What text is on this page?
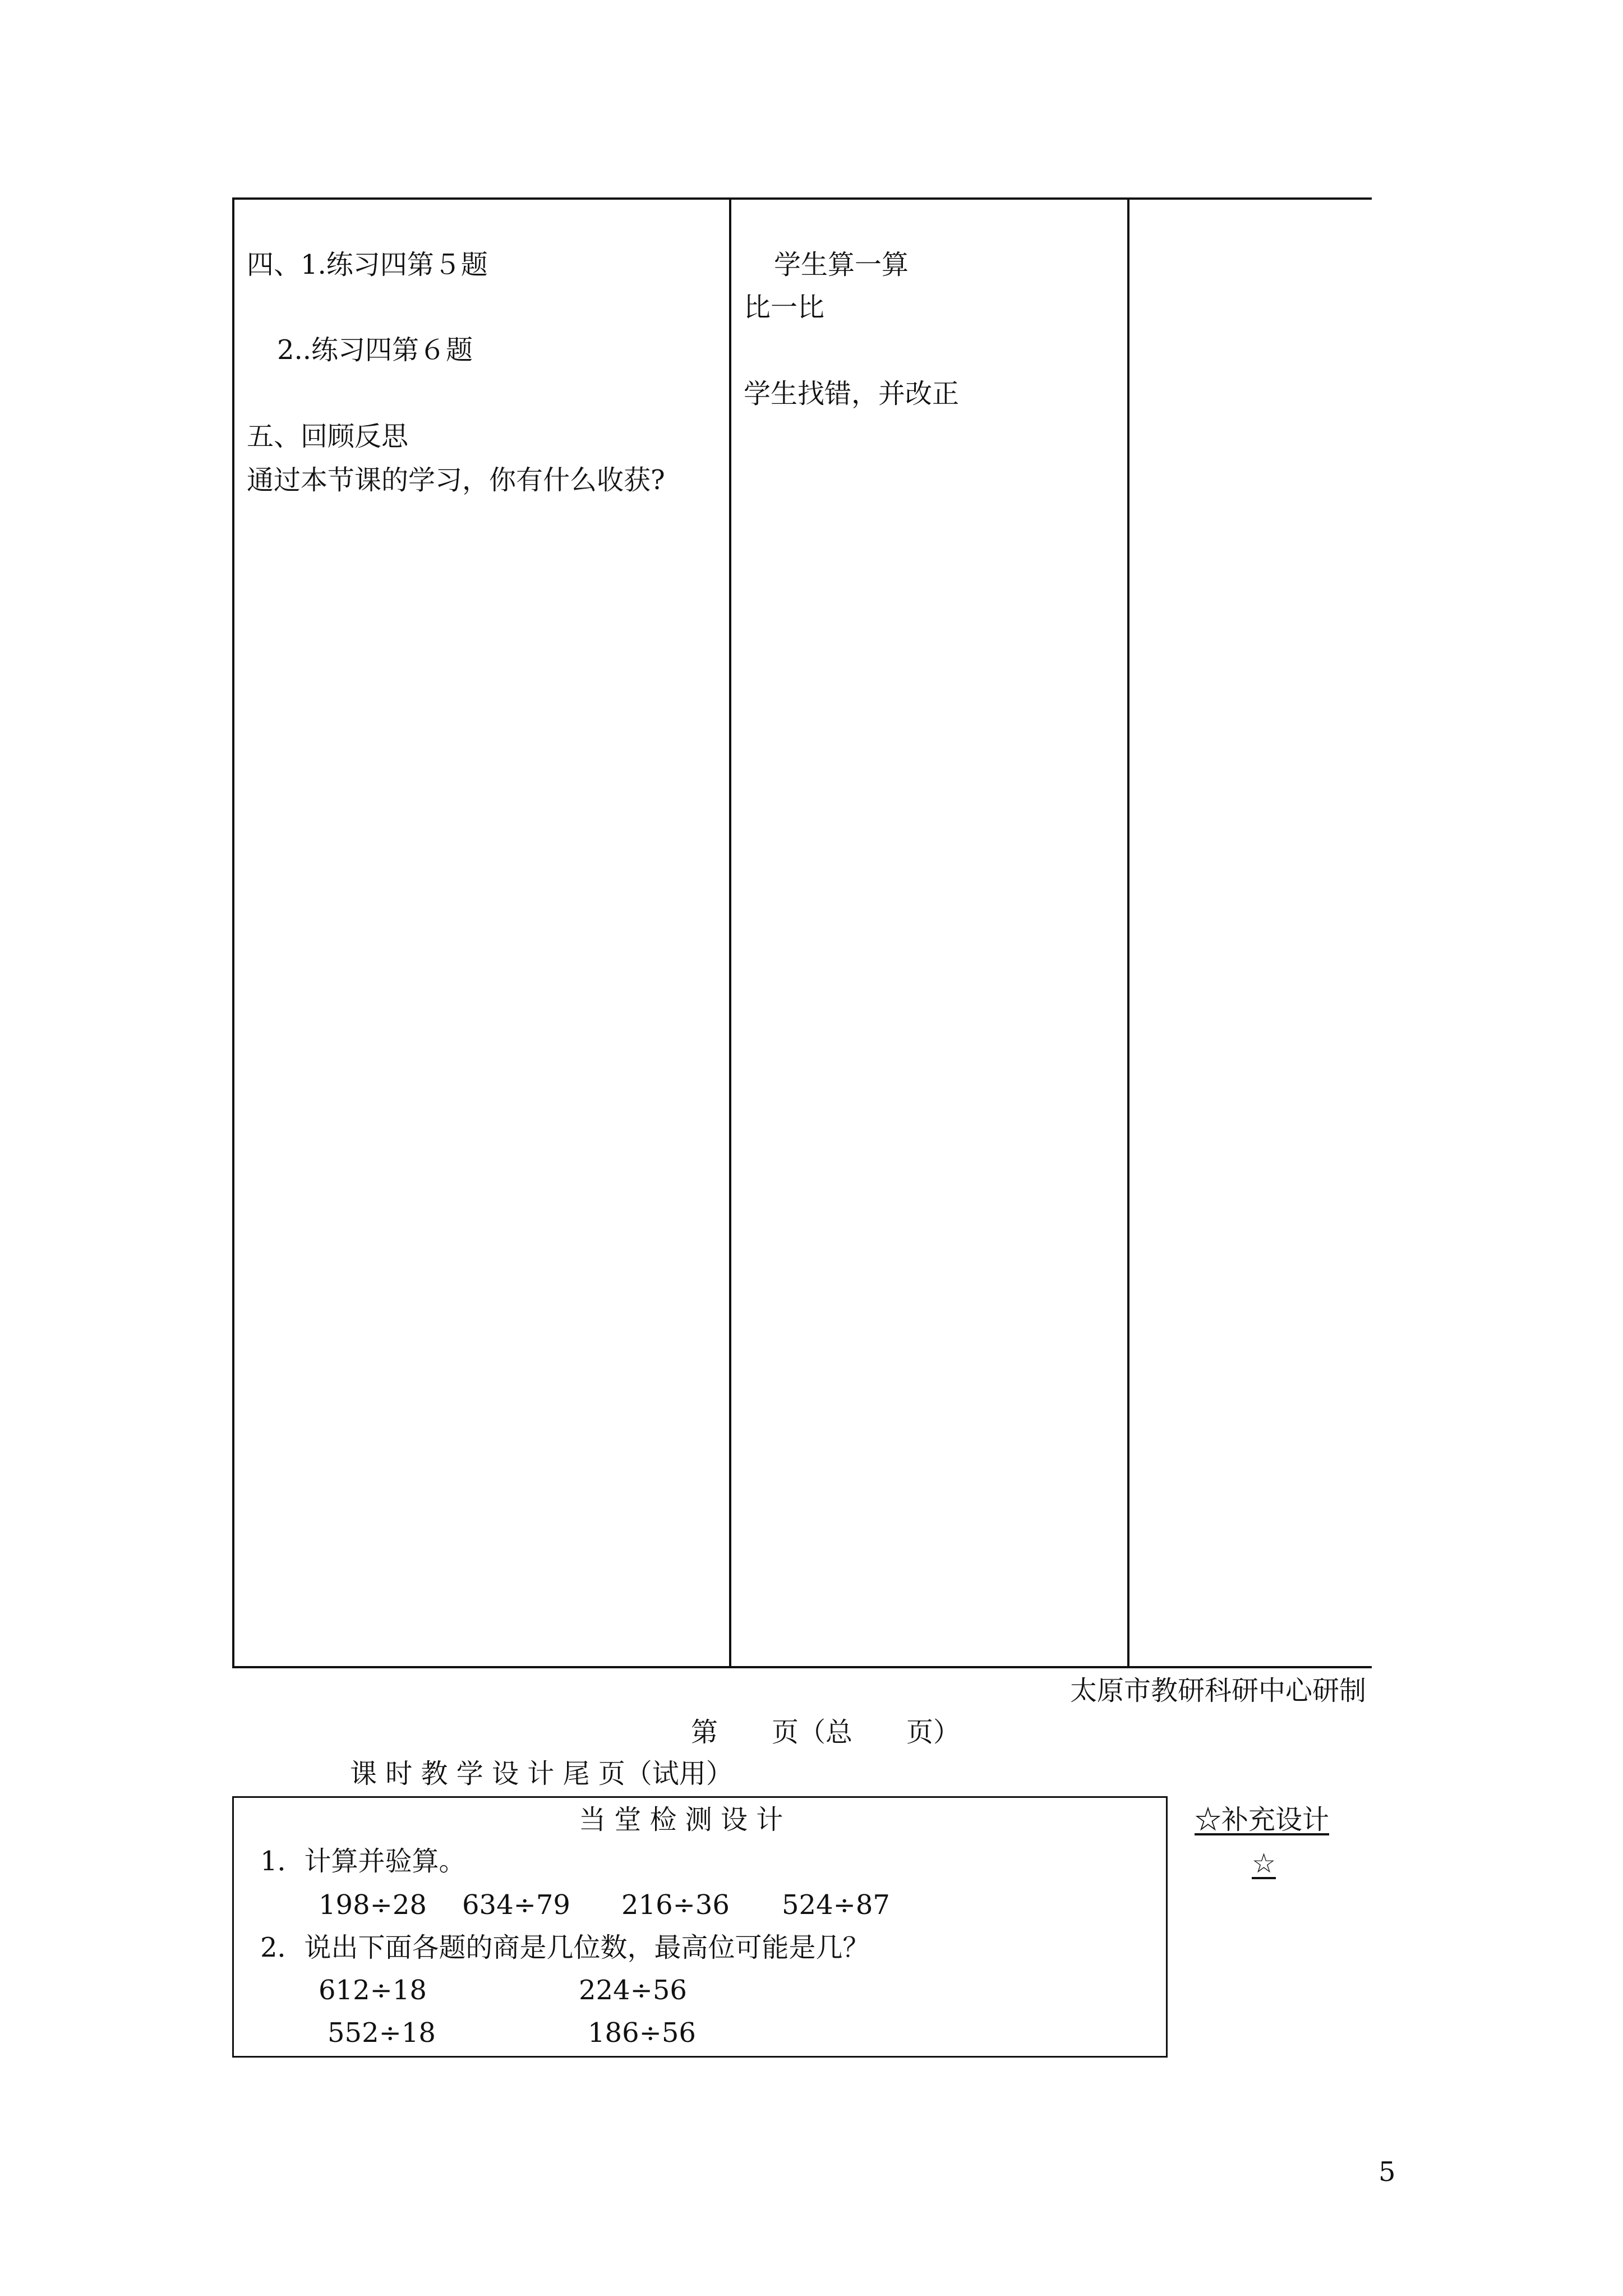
四、1.练习四第５题
2..练习四第６题
五、回顾反思
通过本节课的学习，你有什么收获?
学生算一算
比一比
学生找错，并改正
太原市教研科研中心研制
第　　页（总　　页）
课 时 教 学 设 计 尾 页（试用）
当 堂 检 测 设 计
1．计算并验算。
198÷28 634÷79 216÷36 524÷87
2．说出下面各题的商是几位数，最高位可能是几？
612÷18	224÷56
552÷18	186÷56
☆补充设计
☆
5
